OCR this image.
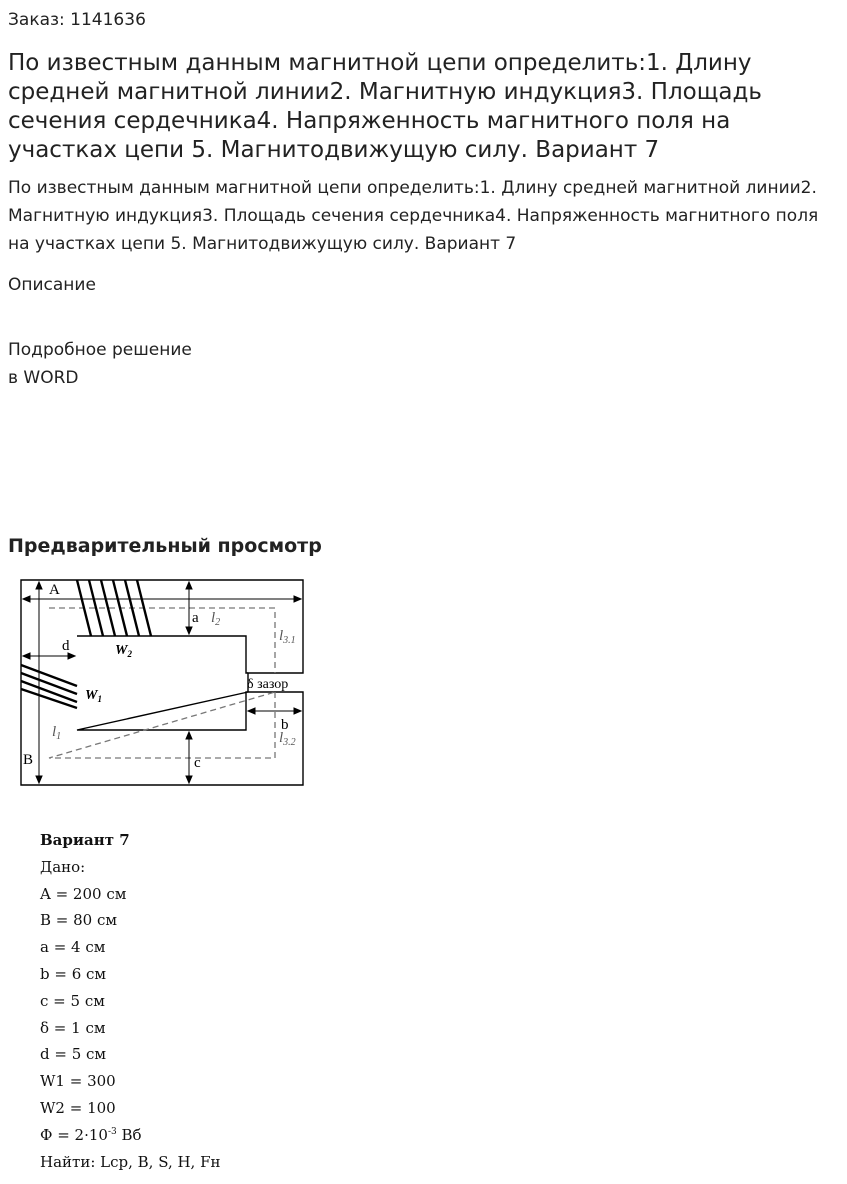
Заказ: 1141636
По известным данным магнитной цепи определить:1. Длину средней магнитной линии2. Магнитную индукция3. Площадь сечения сердечника4. Напряженность магнитного поля на участках цепи 5. Магнитодвижущую силу. Вариант 7
По известным данным магнитной цепи определить:1. Длину средней магнитной линии2. Магнитную индукция3. Площадь сечения сердечника4. Напряженность магнитного поля на участках цепи 5. Магнитодвижущую силу. Вариант 7
Описание
Подробное решение
в WORD
Предварительный просмотр
A
B
a
b
c
d
δ зазор
$l_2$
$l_1$
$l_{3.1}$
$l_{3.2}$
$W_2$
$W_1$
Вариант 7
Дано:
A = 200 см
B = 80 см
a = 4 см
b = 6 см
c = 5 см
δ = 1 см
d = 5 см
W1 = 300
W2 = 100
$Ф = 2\cdot 10^{-3}$ Вб
Найти: Lср, B, S, H, Fн
